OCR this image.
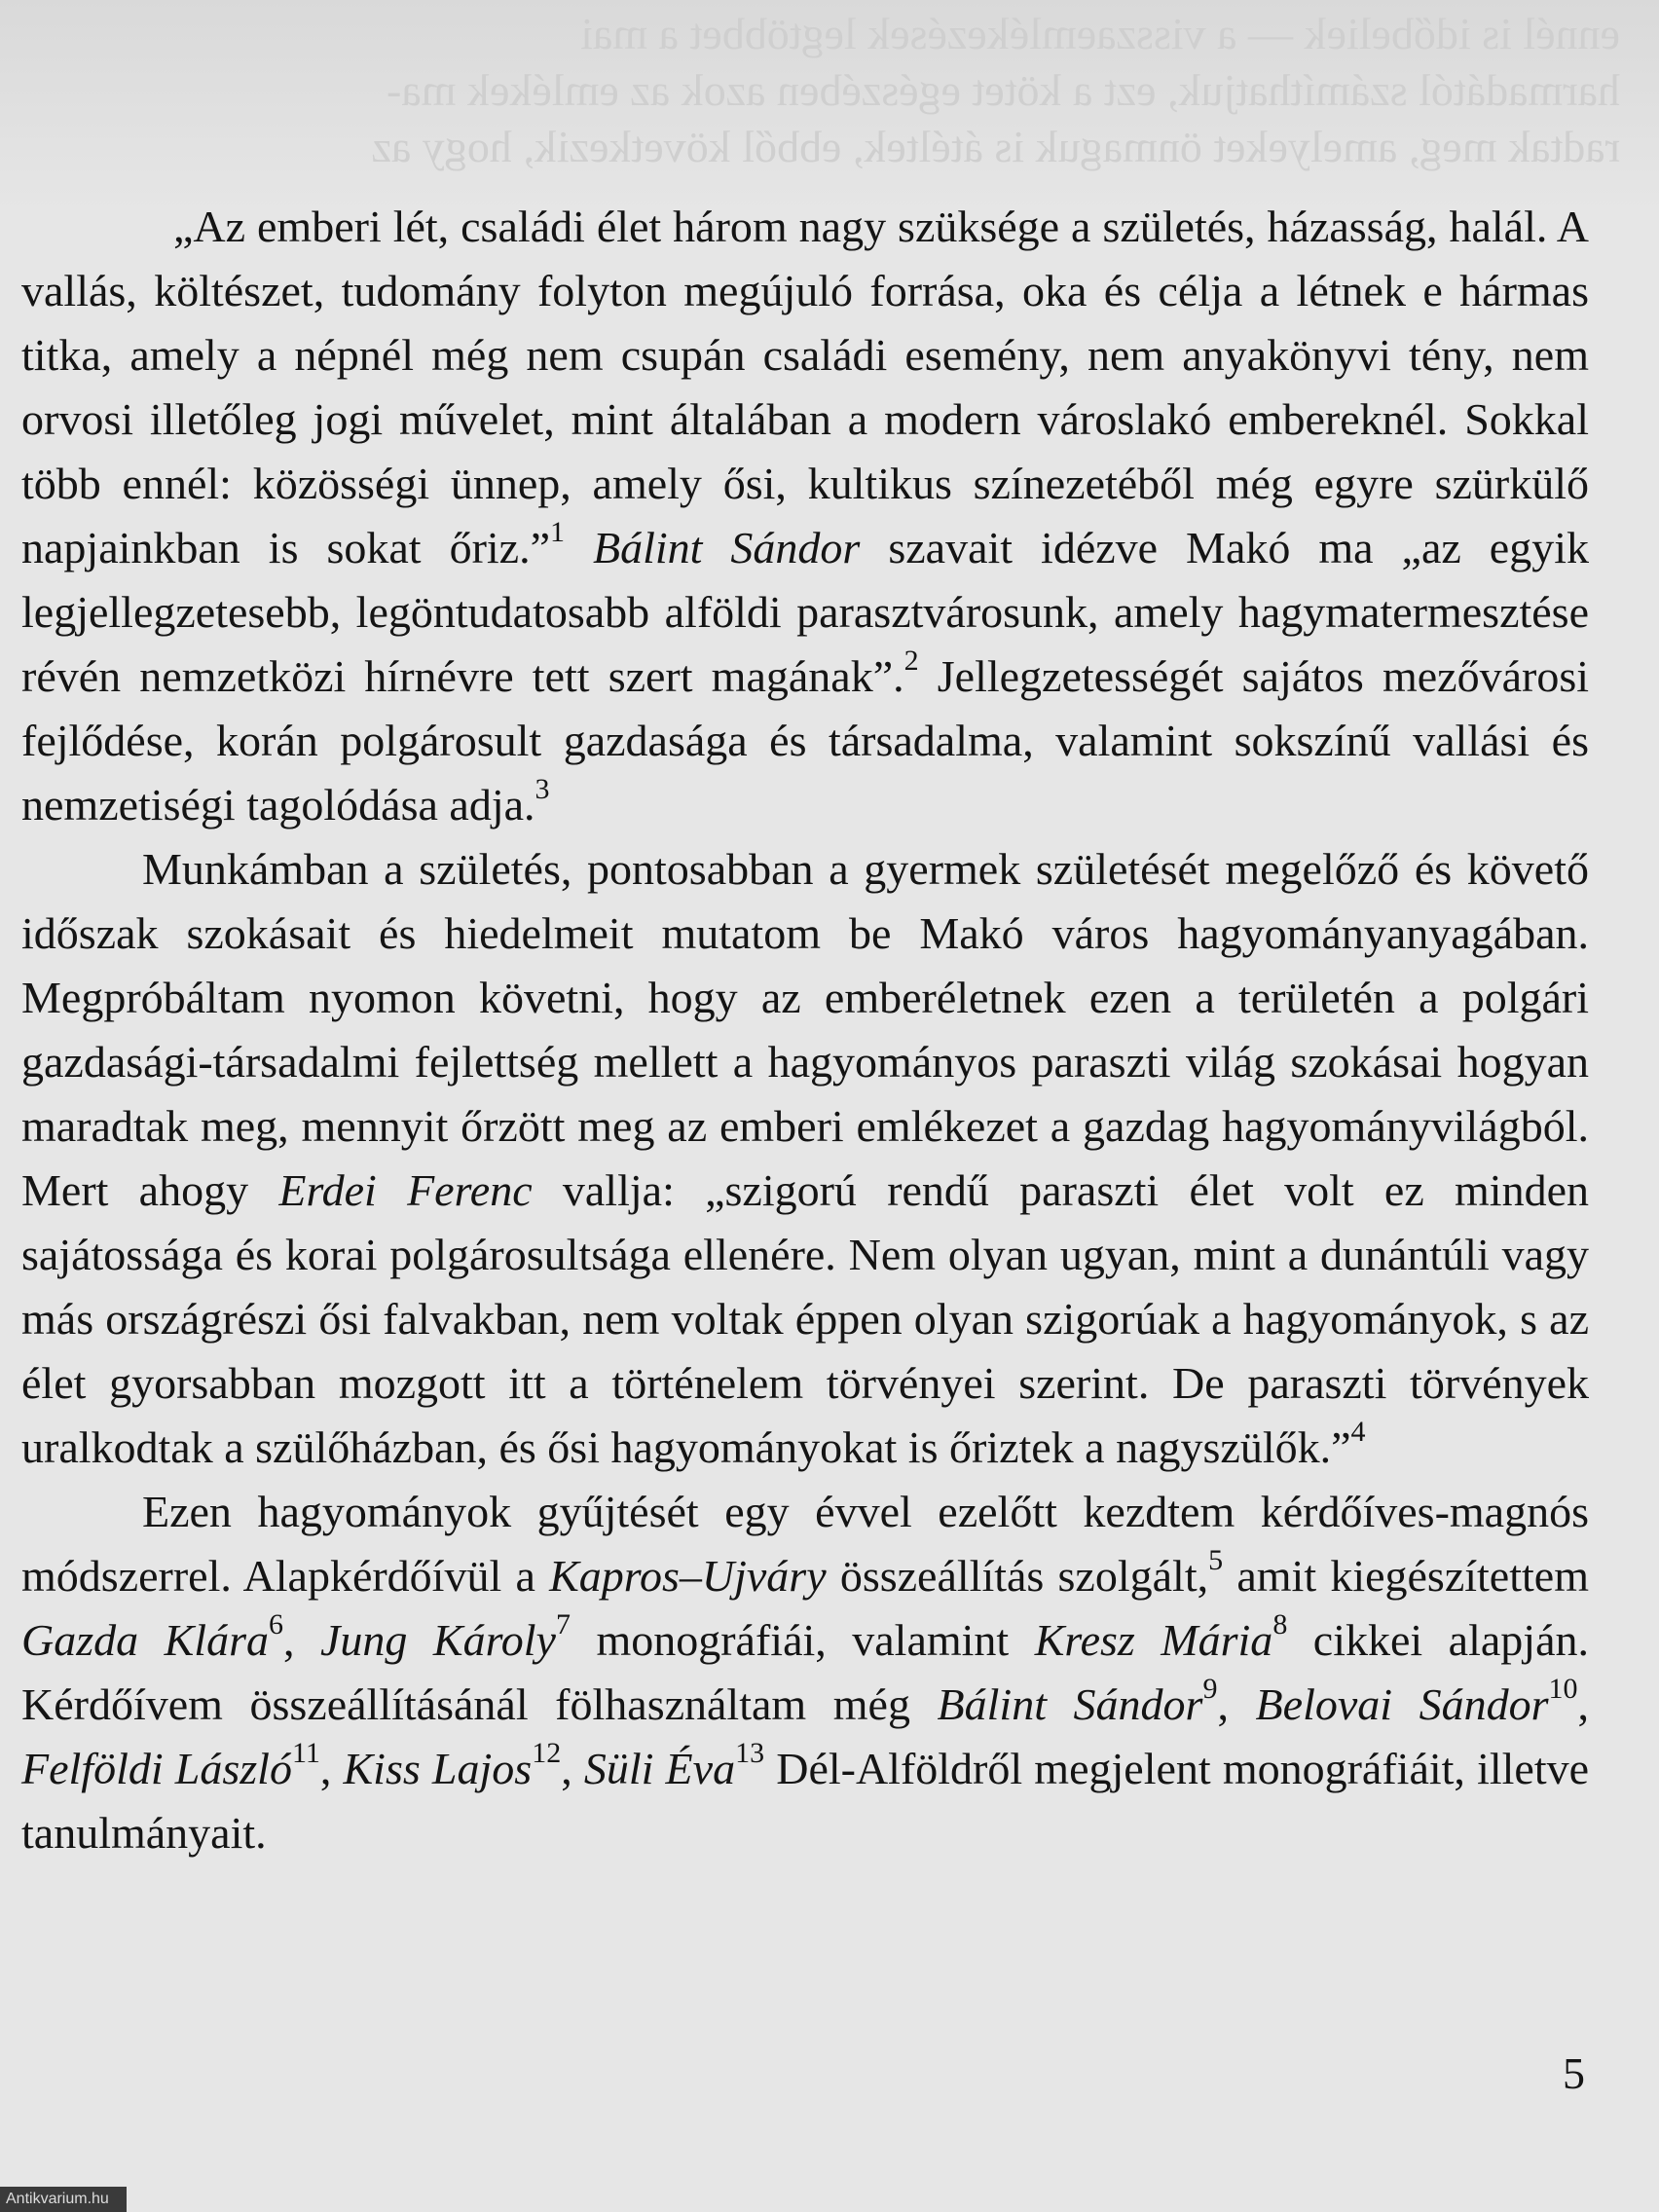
ennél is időbeliek — a visszaemlékezések legtöbbet a mai

harmadától számíthatjuk, ezt a kötet egészében azok az emlékek ma-

radtak meg, amelyeket önmaguk is átéltek, ebből következik, hogy az

„Az emberi lét, családi élet három nagy szüksége a születés, házasság, halál. A vallás, költészet, tudomány folyton megújuló forrása, oka és célja a létnek e hármas titka, amely a népnél még nem csupán családi esemény, nem anyakönyvi tény, nem orvosi illetőleg jogi művelet, mint általában a modern városlakó embereknél. Sokkal több ennél: közösségi ünnep, amely ősi, kultikus színezetéből még egyre szürkülő napjainkban is sokat őriz.”$^1$ Bálint Sándor szavait idézve Makó ma „az egyik legjellegzetesebb, legöntudatosabb alföldi parasztvárosunk, amely hagymatermesztése révén nemzetközi hírnévre tett szert magának”.$^2$ Jellegzetességét sajátos mezővárosi fejlődése, korán polgárosult gazdasága és társadalma, valamint sokszínű vallási és nemzetiségi tagolódása adja.$^3$

Munkámban a születés, pontosabban a gyermek születését megelőző és követő időszak szokásait és hiedelmeit mutatom be Makó város hagyományanyagában. Megpróbáltam nyomon követni, hogy az emberéletnek ezen a területén a polgári gazdasági-társadalmi fejlettség mellett a hagyományos paraszti világ szokásai hogyan maradtak meg, mennyit őrzött meg az emberi emlékezet a gazdag hagyományvilágból. Mert ahogy Erdei Ferenc vallja: „szigorú rendű paraszti élet volt ez minden sajátossága és korai polgárosultsága ellenére. Nem olyan ugyan, mint a dunántúli vagy más országrészi ősi falvakban, nem voltak éppen olyan szigorúak a hagyományok, s az élet gyorsabban mozgott itt a történelem törvényei szerint. De paraszti törvények uralkodtak a szülőházban, és ősi hagyományokat is őriztek a nagyszülők.”$^4$

Ezen hagyományok gyűjtését egy évvel ezelőtt kezdtem kérdőíves-magnós módszerrel. Alapkérdőívül a Kapros–Ujváry összeállítás szolgált,$^5$ amit kiegészítettem Gazda Klára$^6$, Jung Károly$^7$ monográfiái, valamint Kresz Mária$^8$ cikkei alapján. Kérdőívem összeállításánál fölhasználtam még Bálint Sándor$^9$, Belovai Sándor$^{10}$, Felföldi László$^{11}$, Kiss Lajos$^{12}$, Süli Éva$^{13}$ Dél-Alföldről megjelent monográfiáit, illetve tanulmányait.

5
Antikvarium.hu
